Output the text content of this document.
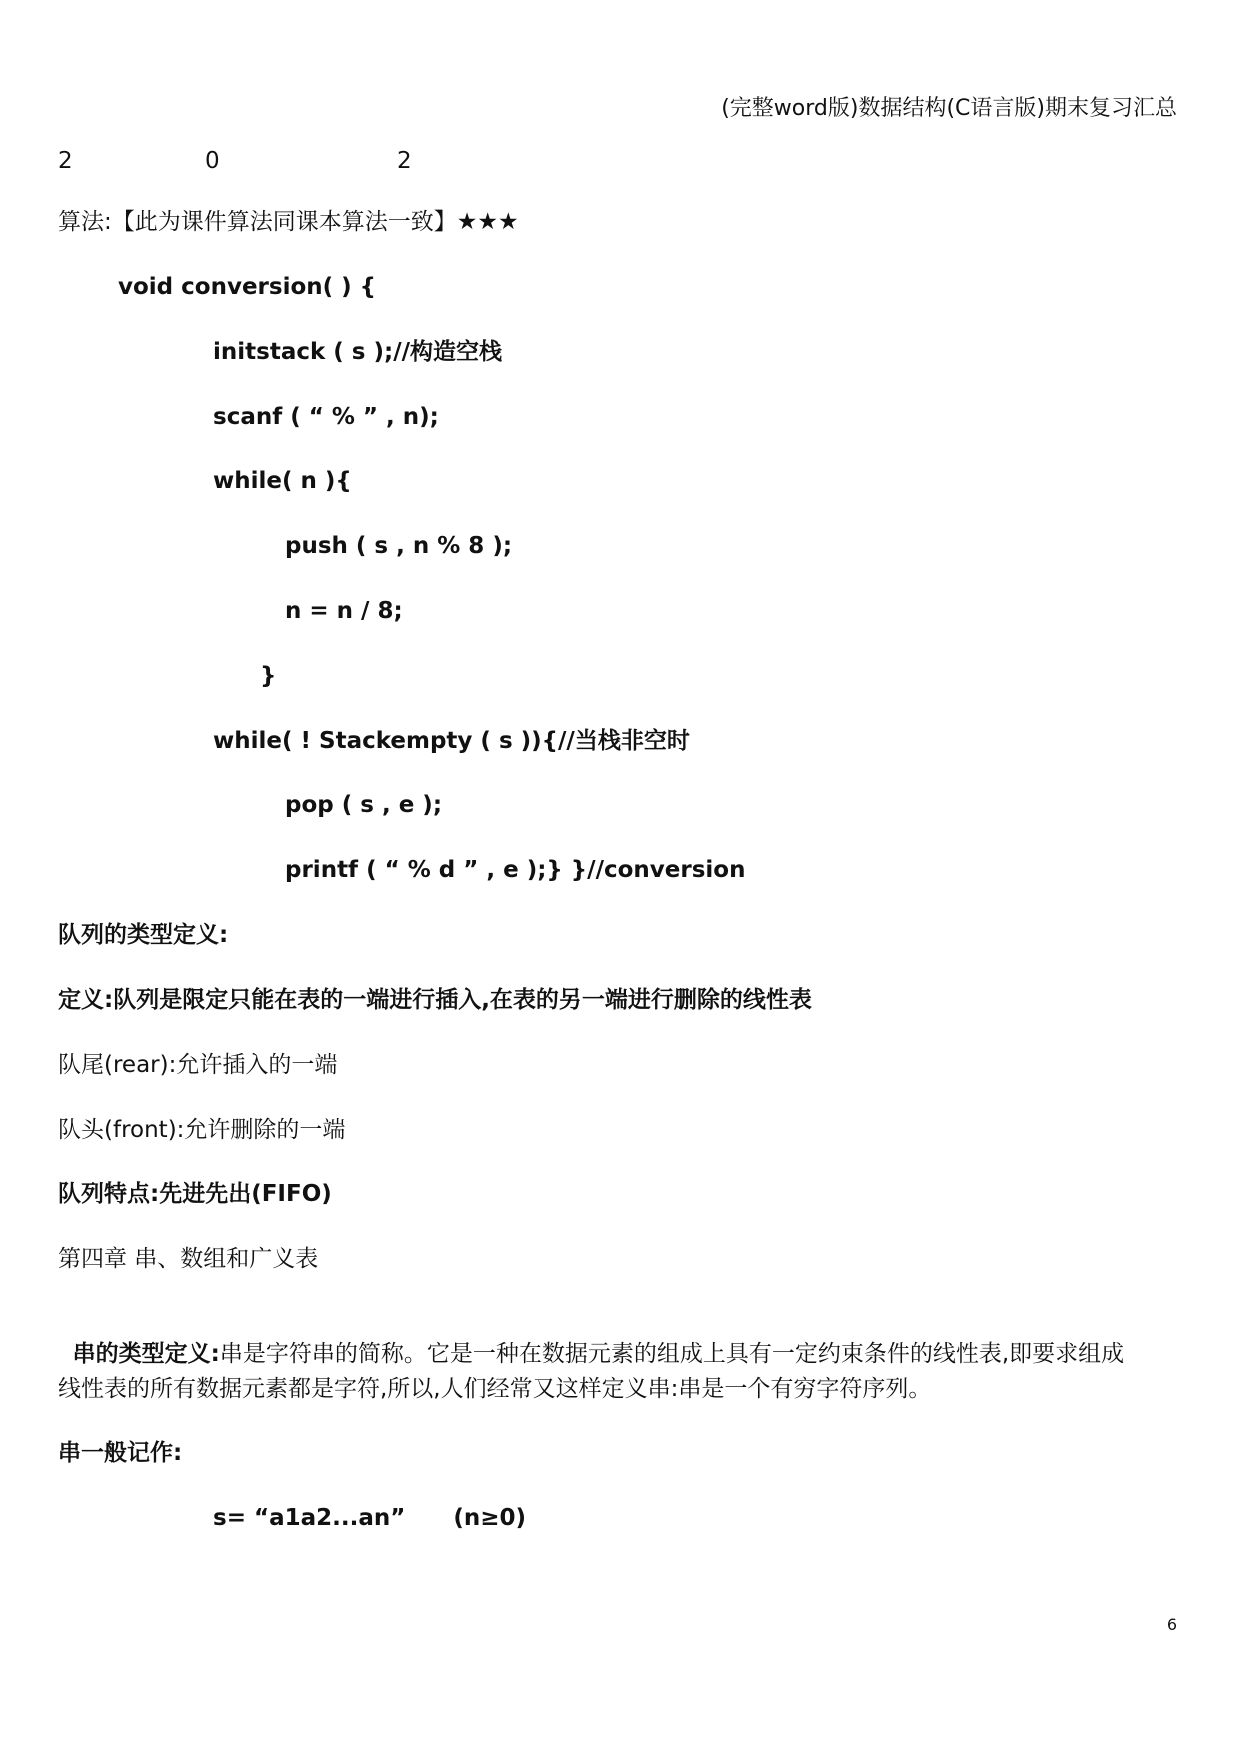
(完整word版)数据结构(C语言版)期末复习汇总
2	0	2
算法:【此为课件算法同课本算法一致】★★★
void conversion( ) {
initstack ( s );//构造空栈
scanf ( “ % ” , n);
while( n ){
push ( s , n % 8 );
n = n / 8;
}
while( ! Stackempty ( s )){//当栈非空时
pop ( s , e );
printf ( “ % d ” , e );} }//conversion
队列的类型定义:
定义:队列是限定只能在表的一端进行插入,在表的另一端进行删除的线性表
队尾(rear):允许插入的一端
队头(front):允许删除的一端
队列特点:先进先出(FIFO)
第四章 串、数组和广义表

串的类型定义:串是字符串的简称。它是一种在数据元素的组成上具有一定约束条件的线性表,即要求组成

线性表的所有数据元素都是字符,所以,人们经常又这样定义串:串是一个有穷字符序列。
串一般记作:
s= “a1a2...an”      (n≥0)
6
